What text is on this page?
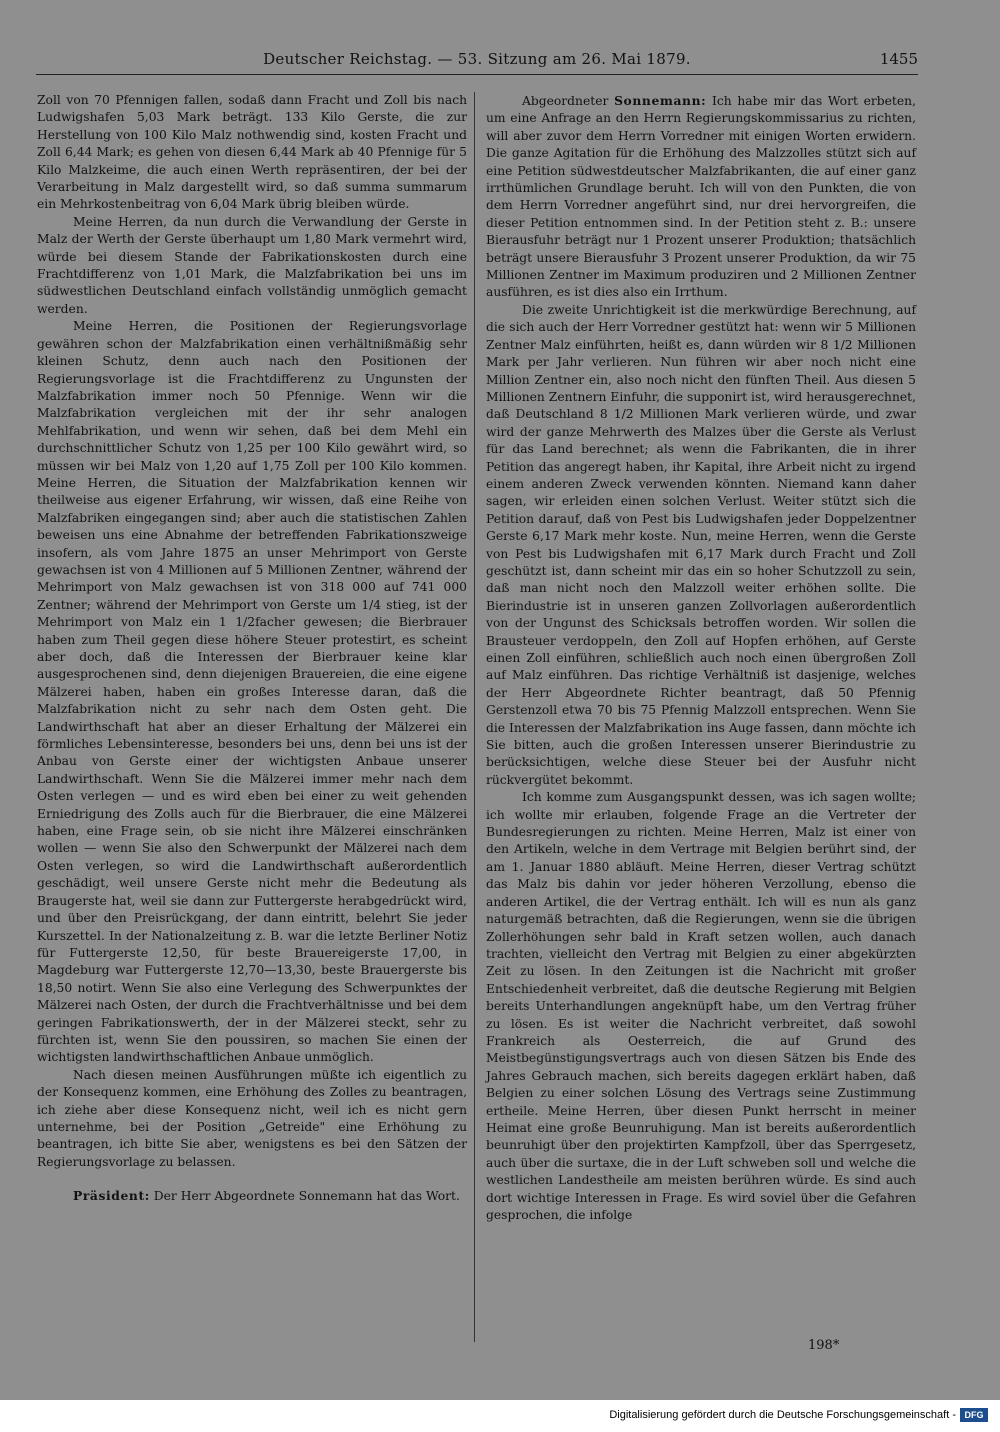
Deutscher Reichstag. — 53. Sitzung am 26. Mai 1879.	1455

Zoll von 70 Pfennigen fallen, sodaß dann Fracht und Zoll bis nach Ludwigshafen 5,03 Mark beträgt. 133 Kilo Gerste, die zur Herstellung von 100 Kilo Malz nothwendig sind, kosten Fracht und Zoll 6,44 Mark; es gehen von diesen 6,44 Mark ab 40 Pfennige für 5 Kilo Malzkeime, die auch einen Werth repräsentiren, der bei der Verarbeitung in Malz dargestellt wird, so daß summa summarum ein Mehrkostenbeitrag von 6,04 Mark übrig bleiben würde.

Meine Herren, da nun durch die Verwandlung der Gerste in Malz der Werth der Gerste überhaupt um 1,80 Mark vermehrt wird, würde bei diesem Stande der Fabrikationskosten durch eine Frachtdifferenz von 1,01 Mark, die Malzfabrikation bei uns im südwestlichen Deutschland einfach vollständig unmöglich gemacht werden.

Meine Herren, die Positionen der Regierungsvorlage gewähren schon der Malzfabrikation einen verhältnißmäßig sehr kleinen Schutz, denn auch nach den Positionen der Regierungsvorlage ist die Frachtdifferenz zu Ungunsten der Malzfabrikation immer noch 50 Pfennige. Wenn wir die Malzfabrikation vergleichen mit der ihr sehr analogen Mehlfabrikation, und wenn wir sehen, daß bei dem Mehl ein durchschnittlicher Schutz von 1,25 per 100 Kilo gewährt wird, so müssen wir bei Malz von 1,20 auf 1,75 Zoll per 100 Kilo kommen. Meine Herren, die Situation der Malzfabrikation kennen wir theilweise aus eigener Erfahrung, wir wissen, daß eine Reihe von Malzfabriken eingegangen sind; aber auch die statistischen Zahlen beweisen uns eine Abnahme der betreffenden Fabrikationszweige insofern, als vom Jahre 1875 an unser Mehrimport von Gerste gewachsen ist von 4 Millionen auf 5 Millionen Zentner, während der Mehrimport von Malz gewachsen ist von 318 000 auf 741 000 Zentner; während der Mehrimport von Gerste um 1/4 stieg, ist der Mehrimport von Malz ein 1 1/2facher gewesen; die Bierbrauer haben zum Theil gegen diese höhere Steuer protestirt, es scheint aber doch, daß die Interessen der Bierbrauer keine klar ausgesprochenen sind, denn diejenigen Brauereien, die eine eigene Mälzerei haben, haben ein großes Interesse daran, daß die Malzfabrikation nicht zu sehr nach dem Osten geht. Die Landwirthschaft hat aber an dieser Erhaltung der Mälzerei ein förmliches Lebensinteresse, besonders bei uns, denn bei uns ist der Anbau von Gerste einer der wichtigsten Anbaue unserer Landwirthschaft. Wenn Sie die Mälzerei immer mehr nach dem Osten verlegen — und es wird eben bei einer zu weit gehenden Erniedrigung des Zolls auch für die Bierbrauer, die eine Mälzerei haben, eine Frage sein, ob sie nicht ihre Mälzerei einschränken wollen — wenn Sie also den Schwerpunkt der Mälzerei nach dem Osten verlegen, so wird die Landwirthschaft außerordentlich geschädigt, weil unsere Gerste nicht mehr die Bedeutung als Braugerste hat, weil sie dann zur Futtergerste herabgedrückt wird, und über den Preisrückgang, der dann eintritt, belehrt Sie jeder Kurszettel. In der Nationalzeitung z. B. war die letzte Berliner Notiz für Futtergerste 12,50, für beste Brauereigerste 17,00, in Magdeburg war Futtergerste 12,70—13,30, beste Brauergerste bis 18,50 notirt. Wenn Sie also eine Verlegung des Schwerpunktes der Mälzerei nach Osten, der durch die Frachtverhältnisse und bei dem geringen Fabrikationswerth, der in der Mälzerei steckt, sehr zu fürchten ist, wenn Sie den poussiren, so machen Sie einen der wichtigsten landwirthschaftlichen Anbaue unmöglich.

Nach diesen meinen Ausführungen müßte ich eigentlich zu der Konsequenz kommen, eine Erhöhung des Zolles zu beantragen, ich ziehe aber diese Konsequenz nicht, weil ich es nicht gern unternehme, bei der Position „Getreide" eine Erhöhung zu beantragen, ich bitte Sie aber, wenigstens es bei den Sätzen der Regierungsvorlage zu belassen.

Präsident: Der Herr Abgeordnete Sonnemann hat das Wort.

Abgeordneter Sonnemann: Ich habe mir das Wort erbeten, um eine Anfrage an den Herrn Regierungskommissarius zu richten, will aber zuvor dem Herrn Vorredner mit einigen Worten erwidern. Die ganze Agitation für die Erhöhung des Malzzolles stützt sich auf eine Petition südwestdeutscher Malzfabrikanten, die auf einer ganz irrthümlichen Grundlage beruht. Ich will von den Punkten, die von dem Herrn Vorredner angeführt sind, nur drei hervorgreifen, die dieser Petition entnommen sind. In der Petition steht z. B.: unsere Bierausfuhr beträgt nur 1 Prozent unserer Produktion; thatsächlich beträgt unsere Bierausfuhr 3 Prozent unserer Produktion, da wir 75 Millionen Zentner im Maximum produziren und 2 Millionen Zentner ausführen, es ist dies also ein Irrthum.

Die zweite Unrichtigkeit ist die merkwürdige Berechnung, auf die sich auch der Herr Vorredner gestützt hat: wenn wir 5 Millionen Zentner Malz einführten, heißt es, dann würden wir 8 1/2 Millionen Mark per Jahr verlieren. Nun führen wir aber noch nicht eine Million Zentner ein, also noch nicht den fünften Theil. Aus diesen 5 Millionen Zentnern Einfuhr, die supponirt ist, wird herausgerechnet, daß Deutschland 8 1/2 Millionen Mark verlieren würde, und zwar wird der ganze Mehrwerth des Malzes über die Gerste als Verlust für das Land berechnet; als wenn die Fabrikanten, die in ihrer Petition das angeregt haben, ihr Kapital, ihre Arbeit nicht zu irgend einem anderen Zweck verwenden könnten. Niemand kann daher sagen, wir erleiden einen solchen Verlust. Weiter stützt sich die Petition darauf, daß von Pest bis Ludwigshafen jeder Doppelzentner Gerste 6,17 Mark mehr koste. Nun, meine Herren, wenn die Gerste von Pest bis Ludwigshafen mit 6,17 Mark durch Fracht und Zoll geschützt ist, dann scheint mir das ein so hoher Schutzzoll zu sein, daß man nicht noch den Malzzoll weiter erhöhen sollte. Die Bierindustrie ist in unseren ganzen Zollvorlagen außerordentlich von der Ungunst des Schicksals betroffen worden. Wir sollen die Brausteuer verdoppeln, den Zoll auf Hopfen erhöhen, auf Gerste einen Zoll einführen, schließlich auch noch einen übergroßen Zoll auf Malz einführen. Das richtige Verhältniß ist dasjenige, welches der Herr Abgeordnete Richter beantragt, daß 50 Pfennig Gerstenzoll etwa 70 bis 75 Pfennig Malzzoll entsprechen. Wenn Sie die Interessen der Malzfabrikation ins Auge fassen, dann möchte ich Sie bitten, auch die großen Interessen unserer Bierindustrie zu berücksichtigen, welche diese Steuer bei der Ausfuhr nicht rückvergütet bekommt.

Ich komme zum Ausgangspunkt dessen, was ich sagen wollte; ich wollte mir erlauben, folgende Frage an die Vertreter der Bundesregierungen zu richten. Meine Herren, Malz ist einer von den Artikeln, welche in dem Vertrage mit Belgien berührt sind, der am 1. Januar 1880 abläuft. Meine Herren, dieser Vertrag schützt das Malz bis dahin vor jeder höheren Verzollung, ebenso die anderen Artikel, die der Vertrag enthält. Ich will es nun als ganz naturgemäß betrachten, daß die Regierungen, wenn sie die übrigen Zollerhöhungen sehr bald in Kraft setzen wollen, auch danach trachten, vielleicht den Vertrag mit Belgien zu einer abgekürzten Zeit zu lösen. In den Zeitungen ist die Nachricht mit großer Entschiedenheit verbreitet, daß die deutsche Regierung mit Belgien bereits Unterhandlungen angeknüpft habe, um den Vertrag früher zu lösen. Es ist weiter die Nachricht verbreitet, daß sowohl Frankreich als Oesterreich, die auf Grund des Meistbegünstigungsvertrags auch von diesen Sätzen bis Ende des Jahres Gebrauch machen, sich bereits dagegen erklärt haben, daß Belgien zu einer solchen Lösung des Vertrags seine Zustimmung ertheile. Meine Herren, über diesen Punkt herrscht in meiner Heimat eine große Beunruhigung. Man ist bereits außerordentlich beunruhigt über den projektirten Kampfzoll, über das Sperrgesetz, auch über die surtaxe, die in der Luft schweben soll und welche die westlichen Landestheile am meisten berühren würde. Es sind auch dort wichtige Interessen in Frage. Es wird soviel über die Gefahren gesprochen, die infolge

198*
Digitalisierung gefördert durch die Deutsche Forschungsgemeinschaft - DFG
